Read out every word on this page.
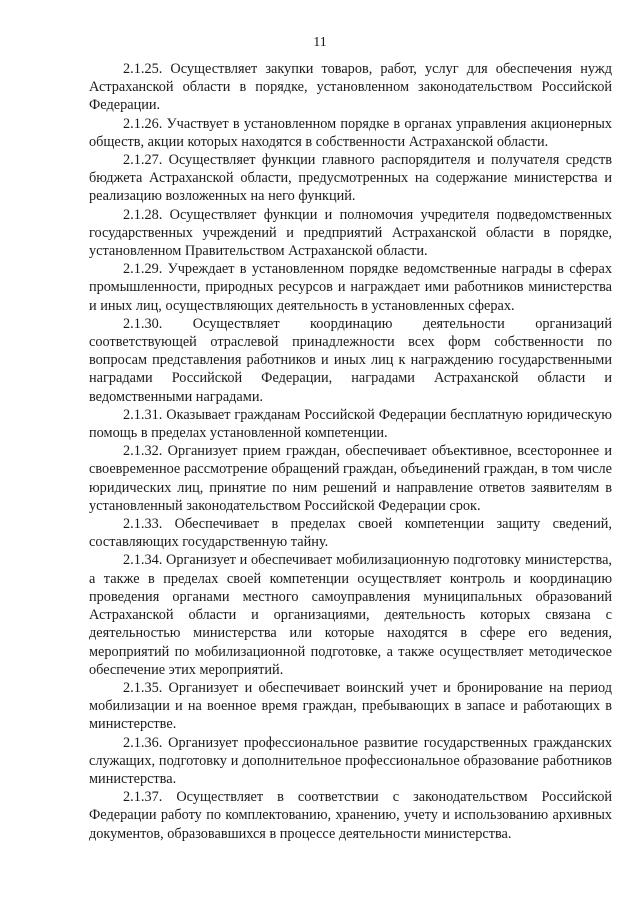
11

2.1.25. Осуществляет закупки товаров, работ, услуг для обеспечения нужд Астраханской области в порядке, установленном законодательством Российской Федерации.

2.1.26. Участвует в установленном порядке в органах управления акционерных обществ, акции которых находятся в собственности Астраханской области.

2.1.27. Осуществляет функции главного распорядителя и получателя средств бюджета Астраханской области, предусмотренных на содержание министерства и реализацию возложенных на него функций.

2.1.28. Осуществляет функции и полномочия учредителя подведомственных государственных учреждений и предприятий Астраханской области в порядке, установленном Правительством Астраханской области.

2.1.29. Учреждает в установленном порядке ведомственные награды в сферах промышленности, природных ресурсов и награждает ими работников министерства и иных лиц, осуществляющих деятельность в установленных сферах.

2.1.30. Осуществляет координацию деятельности организаций соответствующей отраслевой принадлежности всех форм собственности по вопросам представления работников и иных лиц к награждению государственными наградами Российской Федерации, наградами Астраханской области и ведомственными наградами.

2.1.31. Оказывает гражданам Российской Федерации бесплатную юридическую помощь в пределах установленной компетенции.

2.1.32. Организует прием граждан, обеспечивает объективное, всестороннее и своевременное рассмотрение обращений граждан, объединений граждан, в том числе юридических лиц, принятие по ним решений и направление ответов заявителям в установленный законодательством Российской Федерации срок.

2.1.33. Обеспечивает в пределах своей компетенции защиту сведений, составляющих государственную тайну.

2.1.34. Организует и обеспечивает мобилизационную подготовку министерства, а также в пределах своей компетенции осуществляет контроль и координацию проведения органами местного самоуправления муниципальных образований Астраханской области и организациями, деятельность которых связана с деятельностью министерства или которые находятся в сфере его ведения, мероприятий по мобилизационной подготовке, а также осуществляет методическое обеспечение этих мероприятий.

2.1.35. Организует и обеспечивает воинский учет и бронирование на период мобилизации и на военное время граждан, пребывающих в запасе и работающих в министерстве.

2.1.36. Организует профессиональное развитие государственных гражданских служащих, подготовку и дополнительное профессиональное образование работников министерства.

2.1.37. Осуществляет в соответствии с законодательством Российской Федерации работу по комплектованию, хранению, учету и использованию архивных документов, образовавшихся в процессе деятельности министерства.
